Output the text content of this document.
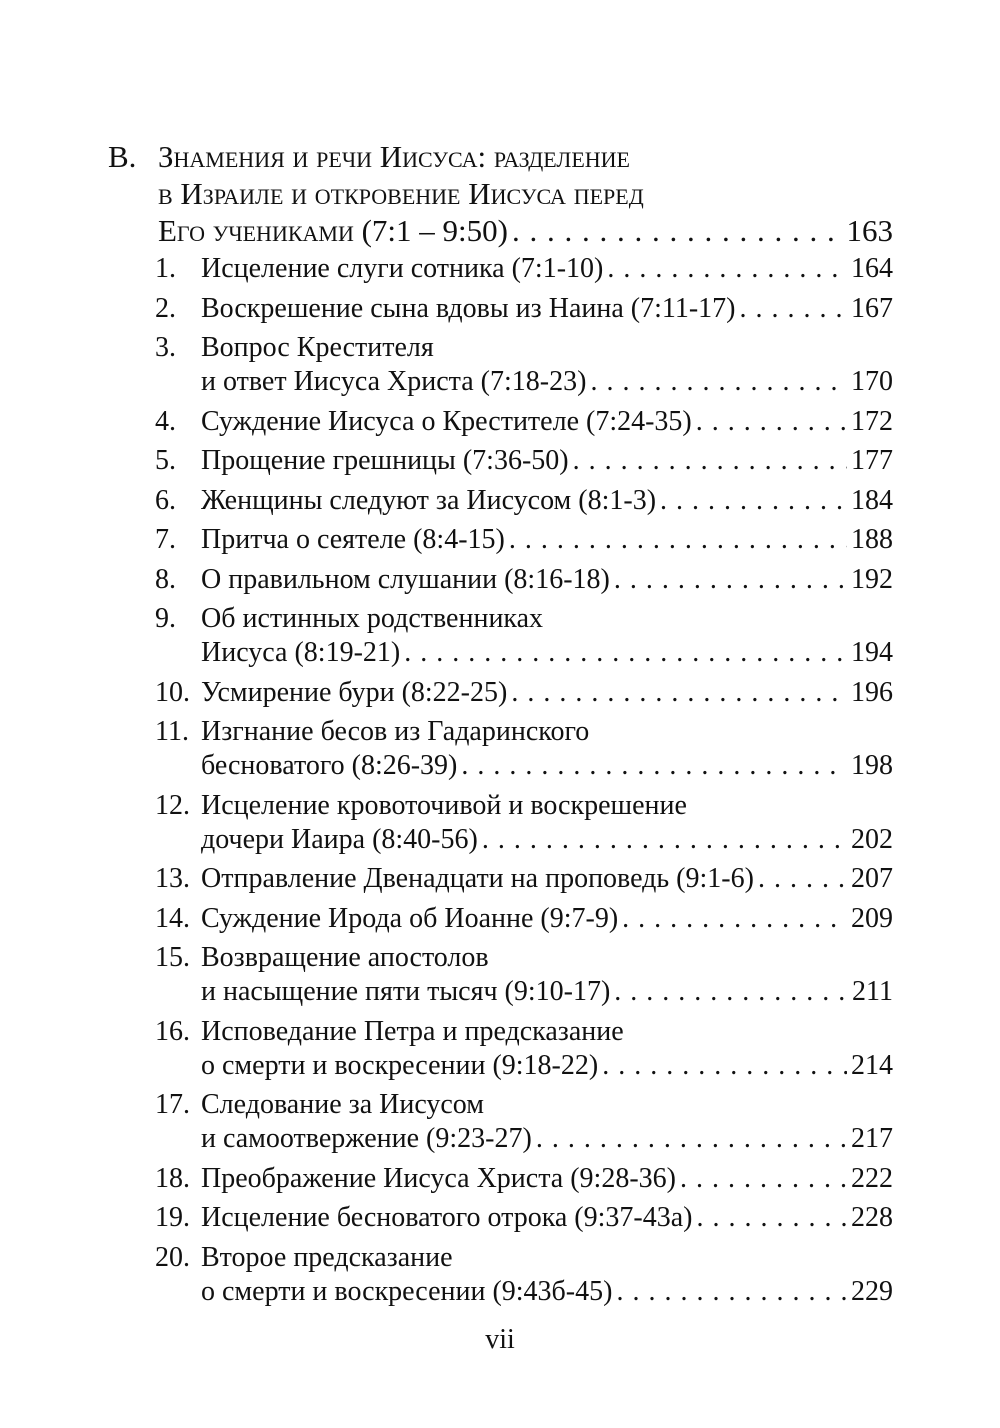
B. Знамения и речи Иисуса: разделение
в Израиле и откровение Иисуса перед
Его учениками (7:1 – 9:50) . . .	163
1. Исцеление слуги сотника (7:1-10) . . .	164
2. Воскрешение сына вдовы из Наина (7:11-17) . . .	167
3. Вопрос Крестителя
и ответ Иисуса Христа (7:18-23) . . .	170
4. Суждение Иисуса о Крестителе (7:24-35) . . .	172
5. Прощение грешницы (7:36-50) . . .	177
6. Женщины следуют за Иисусом (8:1-3) . . .	184
7. Притча о сеятеле (8:4-15) . . .	188
8. О правильном слушании (8:16-18) . . .	192
9. Об истинных родственниках
Иисуса (8:19-21) . . .	194
10. Усмирение бури (8:22-25) . . .	196
11. Изгнание бесов из Гадаринского
бесноватого (8:26-39) . . .	198
12. Исцеление кровоточивой и воскрешение
дочери Иаира (8:40-56) . . .	202
13. Отправление Двенадцати на проповедь (9:1-6) . . .	207
14. Суждение Ирода об Иоанне (9:7-9) . . .	209
15. Возвращение апостолов
и насыщение пяти тысяч (9:10-17) . . .	211
16. Исповедание Петра и предсказание
о смерти и воскресении (9:18-22) . . .	214
17. Следование за Иисусом
и самоотвержение (9:23-27) . . .	217
18. Преображение Иисуса Христа (9:28-36) . . .	222
19. Исцеление бесноватого отрока (9:37-43а) . . .	228
20. Второе предсказание
о смерти и воскресении (9:43б-45) . . .	229
vii
